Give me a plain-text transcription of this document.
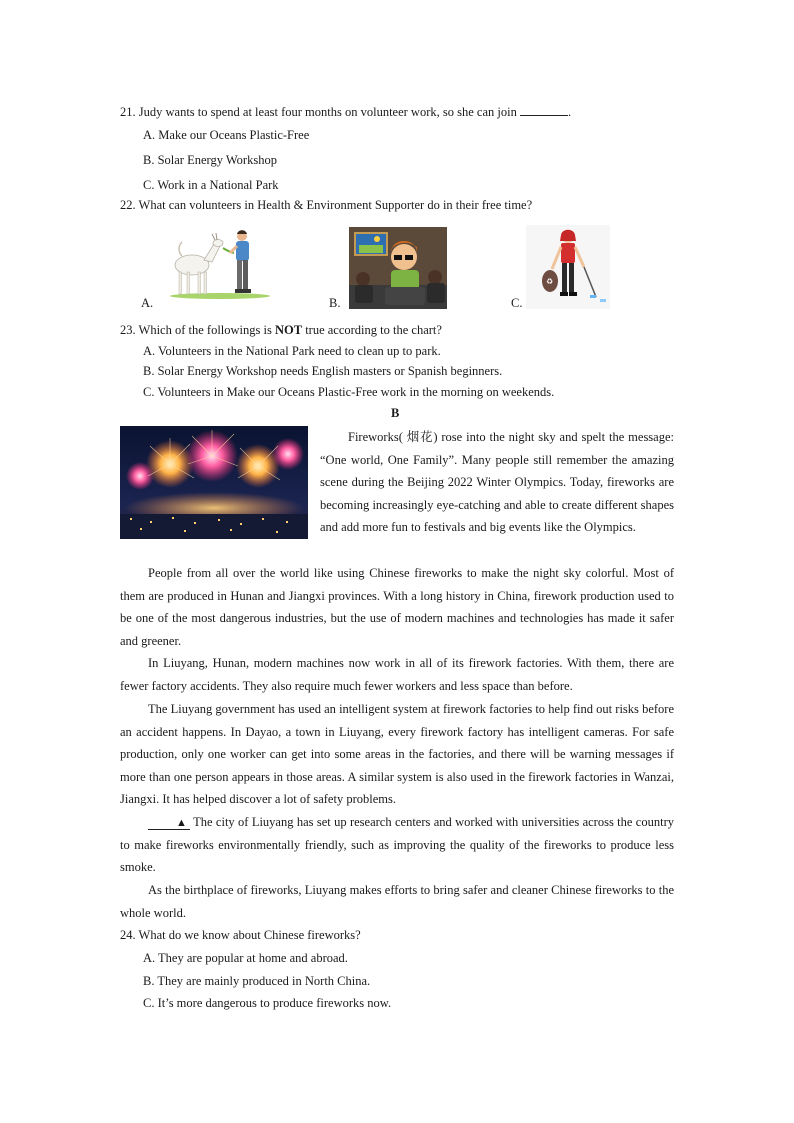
21. Judy wants to spend at least four months on volunteer work, so she can join	.
A. Make our Oceans Plastic-Free
B. Solar Energy Workshop
C. Work in a National Park
22. What can volunteers in Health & Environment Supporter do in their free time?
A.	B.
♻
C.
23. Which of the followings is NOT true according to the chart?
A. Volunteers in the National Park need to clean up to park.
B. Solar Energy Workshop needs English masters or Spanish beginners.
C. Volunteers in Make our Oceans Plastic-Free work in the morning on weekends.
B
Fireworks( 烟花) rose into the night sky and spelt the message: “One world, One Family”. Many people still remember the amazing scene during the Beijing 2022 Winter Olympics. Today, fireworks are becoming increasingly eye-catching and able to create different shapes and add more fun to festivals and big events like the Olympics.
People from all over the world like using Chinese fireworks to make the night sky colorful. Most of them are produced in Hunan and Jiangxi provinces. With a long history in China, firework production used to be one of the most dangerous industries, but the use of modern machines and technologies has made it safer and greener.
In Liuyang, Hunan, modern machines now work in all of its firework factories. With them, there are fewer factory accidents. They also require much fewer workers and less space than before.
The Liuyang government has used an intelligent system at firework factories to help find out risks before an accident happens. In Dayao, a town in Liuyang, every firework factory has intelligent cameras. For safe production, only one worker can get into some areas in the factories, and there will be warning messages if more than one person appears in those areas. A similar system is also used in the firework factories in Wanzai, Jiangxi. It has helped discover a lot of safety problems.
▲ The city of Liuyang has set up research centers and worked with universities across the country to make fireworks environmentally friendly, such as improving the quality of the fireworks to produce less smoke.
As the birthplace of fireworks, Liuyang makes efforts to bring safer and cleaner Chinese fireworks to the whole world.
24. What do we know about Chinese fireworks?
A. They are popular at home and abroad.
B. They are mainly produced in North China.
C. It’s more dangerous to produce fireworks now.
